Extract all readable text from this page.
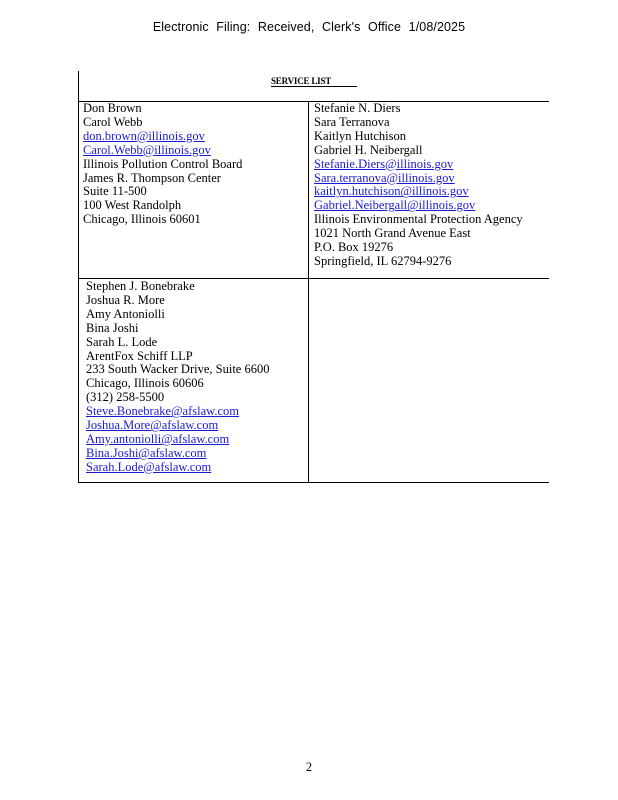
Electronic Filing: Received, Clerk's Office 1/08/2025
SERVICE LIST
Don Brown
Carol Webb
don.brown@illinois.gov
Carol.Webb@illinois.gov
Illinois Pollution Control Board
James R. Thompson Center
Suite 11-500
100 West Randolph
Chicago, Illinois 60601
Stefanie N. Diers
Sara Terranova
Kaitlyn Hutchison
Gabriel H. Neibergall
Stefanie.Diers@illinois.gov
Sara.terranova@illinois.gov
kaitlyn.hutchison@illinois.gov
Gabriel.Neibergall@illinois.gov
Illinois Environmental Protection Agency
1021 North Grand Avenue East
P.O. Box 19276
Springfield, IL 62794-9276
Stephen J. Bonebrake
Joshua R. More
Amy Antoniolli
Bina Joshi
Sarah L. Lode
ArentFox Schiff LLP
233 South Wacker Drive, Suite 6600
Chicago, Illinois 60606
(312) 258-5500
Steve.Bonebrake@afslaw.com
Joshua.More@afslaw.com
Amy.antoniolli@afslaw.com
Bina.Joshi@afslaw.com
Sarah.Lode@afslaw.com
2
